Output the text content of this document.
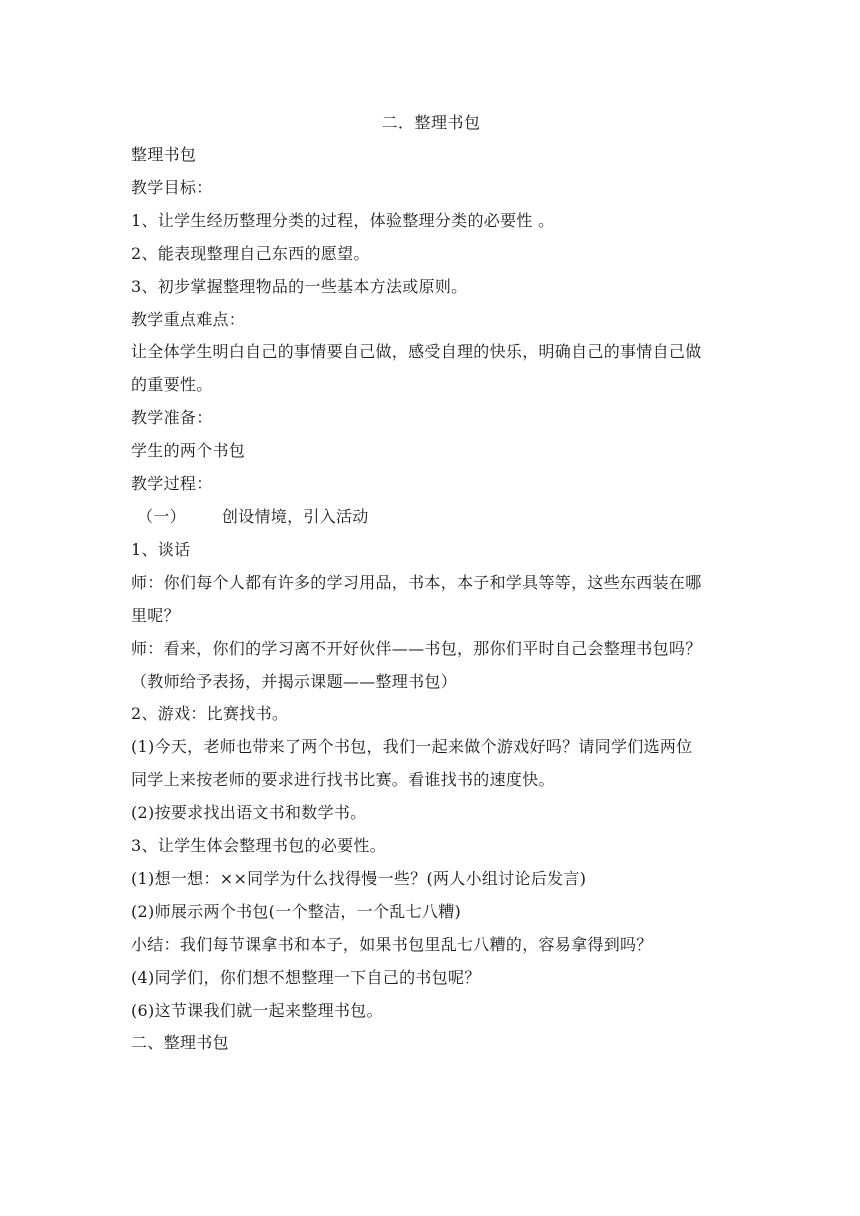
二．整理书包

整理书包

教学目标：

1、让学生经历整理分类的过程，体验整理分类的必要性 。

2、能表现整理自己东西的愿望。

3、初步掌握整理物品的一些基本方法或原则。

教学重点难点：

让全体学生明白自己的事情要自己做，感受自理的快乐，明确自己的事情自己做

的重要性。

教学准备：

学生的两个书包

教学过程：

（一） 创设情境，引入活动

1、谈话

师：你们每个人都有许多的学习用品，书本，本子和学具等等，这些东西装在哪

里呢？

师：看来，你们的学习离不开好伙伴——书包，那你们平时自己会整理书包吗？

（教师给予表扬，并揭示课题——整理书包）

2、游戏：比赛找书。

(1)今天，老师也带来了两个书包，我们一起来做个游戏好吗？请同学们选两位

同学上来按老师的要求进行找书比赛。看谁找书的速度快。

(2)按要求找出语文书和数学书。

3、让学生体会整理书包的必要性。

(1)想一想：××同学为什么找得慢一些？(两人小组讨论后发言)

(2)师展示两个书包(一个整洁，一个乱七八糟)

小结：我们每节课拿书和本子，如果书包里乱七八糟的，容易拿得到吗？

(4)同学们，你们想不想整理一下自己的书包呢？

(6)这节课我们就一起来整理书包。

二、整理书包
